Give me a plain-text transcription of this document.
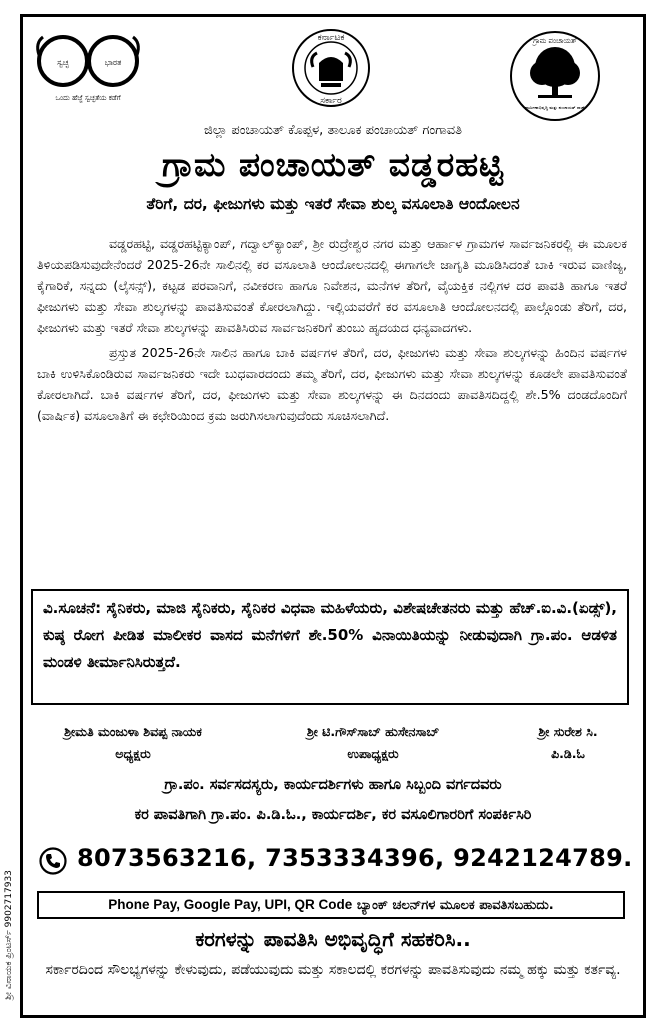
ಶ್ರೀ ವಿನಾಯಕ ಪ್ರಿಂಟರ್ಸ್ 9902717933
ಸ್ವಚ್ಛ	ಭಾರತ
ಒಂದು ಹೆಜ್ಜೆ ಸ್ವಚ್ಛತೆಯ ಕಡೆಗೆ
ಕರ್ನಾಟಕ
ಸರ್ಕಾರ
ಗ್ರಾಮ ಪಂಚಾಯತ್
ಗ್ರಾಮೀಣಾಭಿವೃದ್ಧಿ ಮತ್ತು ಪಂಚಾಯತ್ ರಾಜ್
ಜಿಲ್ಲಾ ಪಂಚಾಯತ್ ಕೊಪ್ಪಳ, ತಾಲೂಕ ಪಂಚಾಯತ್ ಗಂಗಾವತಿ
ಗ್ರಾಮ ಪಂಚಾಯತ್ ವಡ್ಡರಹಟ್ಟಿ
ತೆರಿಗೆ, ದರ, ಫೀಜುಗಳು ಮತ್ತು ಇತರೆ ಸೇವಾ ಶುಲ್ಕ ವಸೂಲಾತಿ ಆಂದೋಲನ

ವಡ್ಡರಹಟ್ಟಿ, ವಡ್ಡರಹಟ್ಟಿಕ್ಯಾಂಪ್, ಗದ್ವಾಲ್‌ಕ್ಯಾಂಪ್, ಶ್ರೀ ರುದ್ರೇಶ್ವರ ನಗರ ಮತ್ತು ಆರ್ಹಾಳ ಗ್ರಾಮಗಳ ಸಾರ್ವಜನಿಕರಲ್ಲಿ ಈ ಮೂಲಕ ತಿಳಿಯಪಡಿಸುವುದೇನೆಂದರೆ 2025-26ನೇ ಸಾಲಿನಲ್ಲಿ ಕರ ವಸೂಲಾತಿ ಆಂದೋಲನದಲ್ಲಿ ಈಗಾಗಲೇ ಜಾಗೃತಿ ಮೂಡಿಸಿದಂತೆ ಬಾಕಿ ಇರುವ ವಾಣಿಜ್ಯ, ಕೈಗಾರಿಕೆ, ಸನ್ನದು (ಲೈಸನ್ಸ್), ಕಟ್ಟಡ ಪರವಾನಿಗೆ, ನವೀಕರಣ ಹಾಗೂ ನಿವೇಶನ, ಮನೆಗಳ ತೆರಿಗೆ, ವೈಯಕ್ತಿಕ ನಲ್ಲಿಗಳ ದರ ಪಾವತಿ ಹಾಗೂ ಇತರೆ ಫೀಜುಗಳು ಮತ್ತು ಸೇವಾ ಶುಲ್ಕಗಳನ್ನು ಪಾವತಿಸುವಂತೆ ಕೋರಲಾಗಿದ್ದು. ಇಲ್ಲಿಯವರೆಗೆ ಕರ ವಸೂಲಾತಿ ಆಂದೋಲನದಲ್ಲಿ ಪಾಲ್ಗೊಂಡು ತೆರಿಗೆ, ದರ, ಫೀಜುಗಳು ಮತ್ತು ಇತರೆ ಸೇವಾ ಶುಲ್ಕಗಳನ್ನು ಪಾವತಿಸಿರುವ ಸಾರ್ವಜನಿಕರಿಗೆ ತುಂಬು ಹೃದಯದ ಧನ್ಯವಾದಗಳು.

ಪ್ರಸ್ತುತ 2025-26ನೇ ಸಾಲಿನ ಹಾಗೂ ಬಾಕಿ ವರ್ಷಗಳ ತೆರಿಗೆ, ದರ, ಫೀಜುಗಳು ಮತ್ತು ಸೇವಾ ಶುಲ್ಕಗಳನ್ನು ಹಿಂದಿನ ವರ್ಷಗಳ ಬಾಕಿ ಉಳಿಸಿಕೊಂಡಿರುವ ಸಾರ್ವಜನಿಕರು ಇದೇ ಬುಧವಾರದಂದು ತಮ್ಮ ತೆರಿಗೆ, ದರ, ಫೀಜುಗಳು ಮತ್ತು ಸೇವಾ ಶುಲ್ಕಗಳನ್ನು ಕೂಡಲೇ ಪಾವತಿಸುವಂತೆ ಕೋರಲಾಗಿದೆ. ಬಾಕಿ ವರ್ಷಗಳ ತೆರಿಗೆ, ದರ, ಫೀಜುಗಳು ಮತ್ತು ಸೇವಾ ಶುಲ್ಕಗಳನ್ನು ಈ ದಿನದಂದು ಪಾವತಿಸದಿದ್ದಲ್ಲಿ ಶೇ.5% ದಂಡದೊಂದಿಗೆ (ವಾರ್ಷಿಕ) ವಸೂಲಾತಿಗೆ ಈ ಕಛೇರಿಯಿಂದ ಕ್ರಮ ಜರುಗಿಸಲಾಗುವುದೆಂದು ಸೂಚಿಸಲಾಗಿದೆ.

ವಿ.ಸೂಚನೆ: ಸೈನಿಕರು, ಮಾಜಿ ಸೈನಿಕರು, ಸೈನಿಕರ ವಿಧವಾ ಮಹಿಳೆಯರು, ವಿಶೇಷಚೇತನರು ಮತ್ತು ಹೆಚ್.ಐ.ವಿ.(ಏಡ್ಸ್), ಕುಷ್ಠ ರೋಗ ಪೀಡಿತ ಮಾಲೀಕರ ವಾಸದ ಮನೆಗಳಿಗೆ ಶೇ.50% ವಿನಾಯಿತಿಯನ್ನು ನೀಡುವುದಾಗಿ ಗ್ರಾ.ಪಂ. ಆಡಳಿತ ಮಂಡಳಿ ತೀರ್ಮಾನಿಸಿರುತ್ತದೆ.
ಶ್ರೀಮತಿ ಮಂಜುಳಾ ಶಿವಪ್ಪ ನಾಯಕ
ಅಧ್ಯಕ್ಷರು
ಶ್ರೀ ಟಿ.ಗೌಸ್‌ಸಾಬ್ ಹುಸೇನಸಾಬ್
ಉಪಾಧ್ಯಕ್ಷರು
ಶ್ರೀ ಸುರೇಶ ಸಿ.
ಪಿ.ಡಿ.ಓ
ಗ್ರಾ.ಪಂ. ಸರ್ವಸದಸ್ಯರು, ಕಾರ್ಯದರ್ಶಿಗಳು ಹಾಗೂ ಸಿಬ್ಬಂದಿ ವರ್ಗದವರು
ಕರ ಪಾವತಿಗಾಗಿ ಗ್ರಾ.ಪಂ. ಪಿ.ಡಿ.ಓ., ಕಾರ್ಯದರ್ಶಿ, ಕರ ವಸೂಲಿಗಾರರಿಗೆ ಸಂಪರ್ಕಿಸಿರಿ
8073563216, 7353334396, 9242124789.
Phone Pay, Google Pay, UPI, QR Code ಬ್ಯಾಂಕ್ ಚಲನ್‌ಗಳ ಮೂಲಕ ಪಾವತಿಸಬಹುದು.
ಕರಗಳನ್ನು ಪಾವತಿಸಿ ಅಭಿವೃದ್ಧಿಗೆ ಸಹಕರಿಸಿ..
ಸರ್ಕಾರದಿಂದ ಸೌಲಭ್ಯಗಳನ್ನು ಕೇಳುವುದು, ಪಡೆಯುವುದು ಮತ್ತು ಸಕಾಲದಲ್ಲಿ ಕರಗಳನ್ನು ಪಾವತಿಸುವುದು ನಮ್ಮ ಹಕ್ಕು ಮತ್ತು ಕರ್ತವ್ಯ.
